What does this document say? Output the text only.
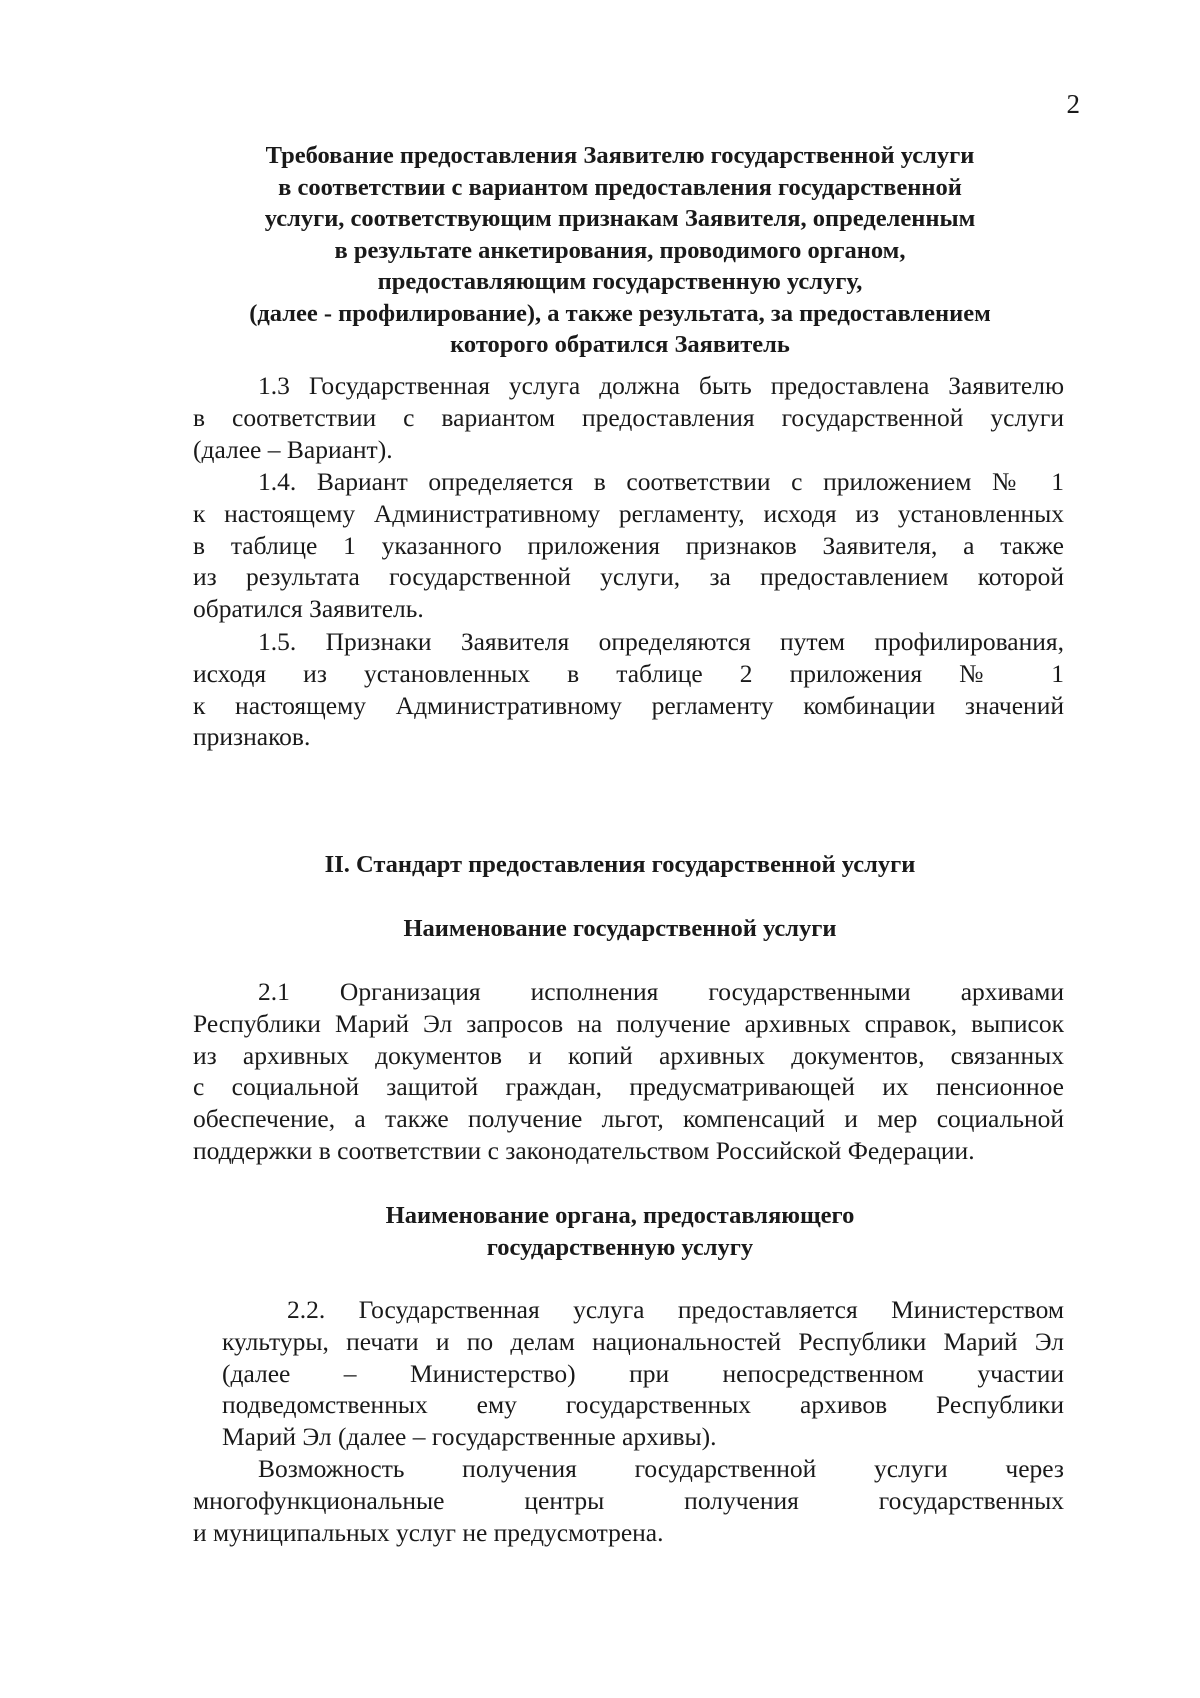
2
Требование предоставления Заявителю государственной услуги
в соответствии с вариантом предоставления государственной
услуги, соответствующим признакам Заявителя, определенным
в результате анкетирования, проводимого органом,
предоставляющим государственную услугу,
(далее - профилирование), а также результата, за предоставлением
которого обратился Заявитель
1.3 Государственная услуга должна быть предоставлена Заявителю
в соответствии с вариантом предоставления государственной услуги
(далее – Вариант).
1.4. Вариант определяется в соответствии с приложением № 1
к настоящему Административному регламенту, исходя из установленных
в таблице 1 указанного приложения признаков Заявителя, а также
из результата государственной услуги, за предоставлением которой
обратился Заявитель.
1.5. Признаки Заявителя определяются путем профилирования,
исходя из установленных в таблице 2 приложения № 1
к настоящему Административному регламенту комбинации значений
признаков.
II. Стандарт предоставления государственной услуги
Наименование государственной услуги
2.1 Организация исполнения государственными архивами
Республики Марий Эл запросов на получение архивных справок, выписок
из архивных документов и копий архивных документов, связанных
с социальной защитой граждан, предусматривающей их пенсионное
обеспечение, а также получение льгот, компенсаций и мер социальной
поддержки в соответствии с законодательством Российской Федерации.
Наименование органа, предоставляющего
государственную услугу
2.2. Государственная услуга предоставляется Министерством
культуры, печати и по делам национальностей Республики Марий Эл
(далее – Министерство) при непосредственном участии
подведомственных ему государственных архивов Республики
Марий Эл (далее – государственные архивы).
Возможность получения государственной услуги через
многофункциональные центры получения государственных
и муниципальных услуг не предусмотрена.
